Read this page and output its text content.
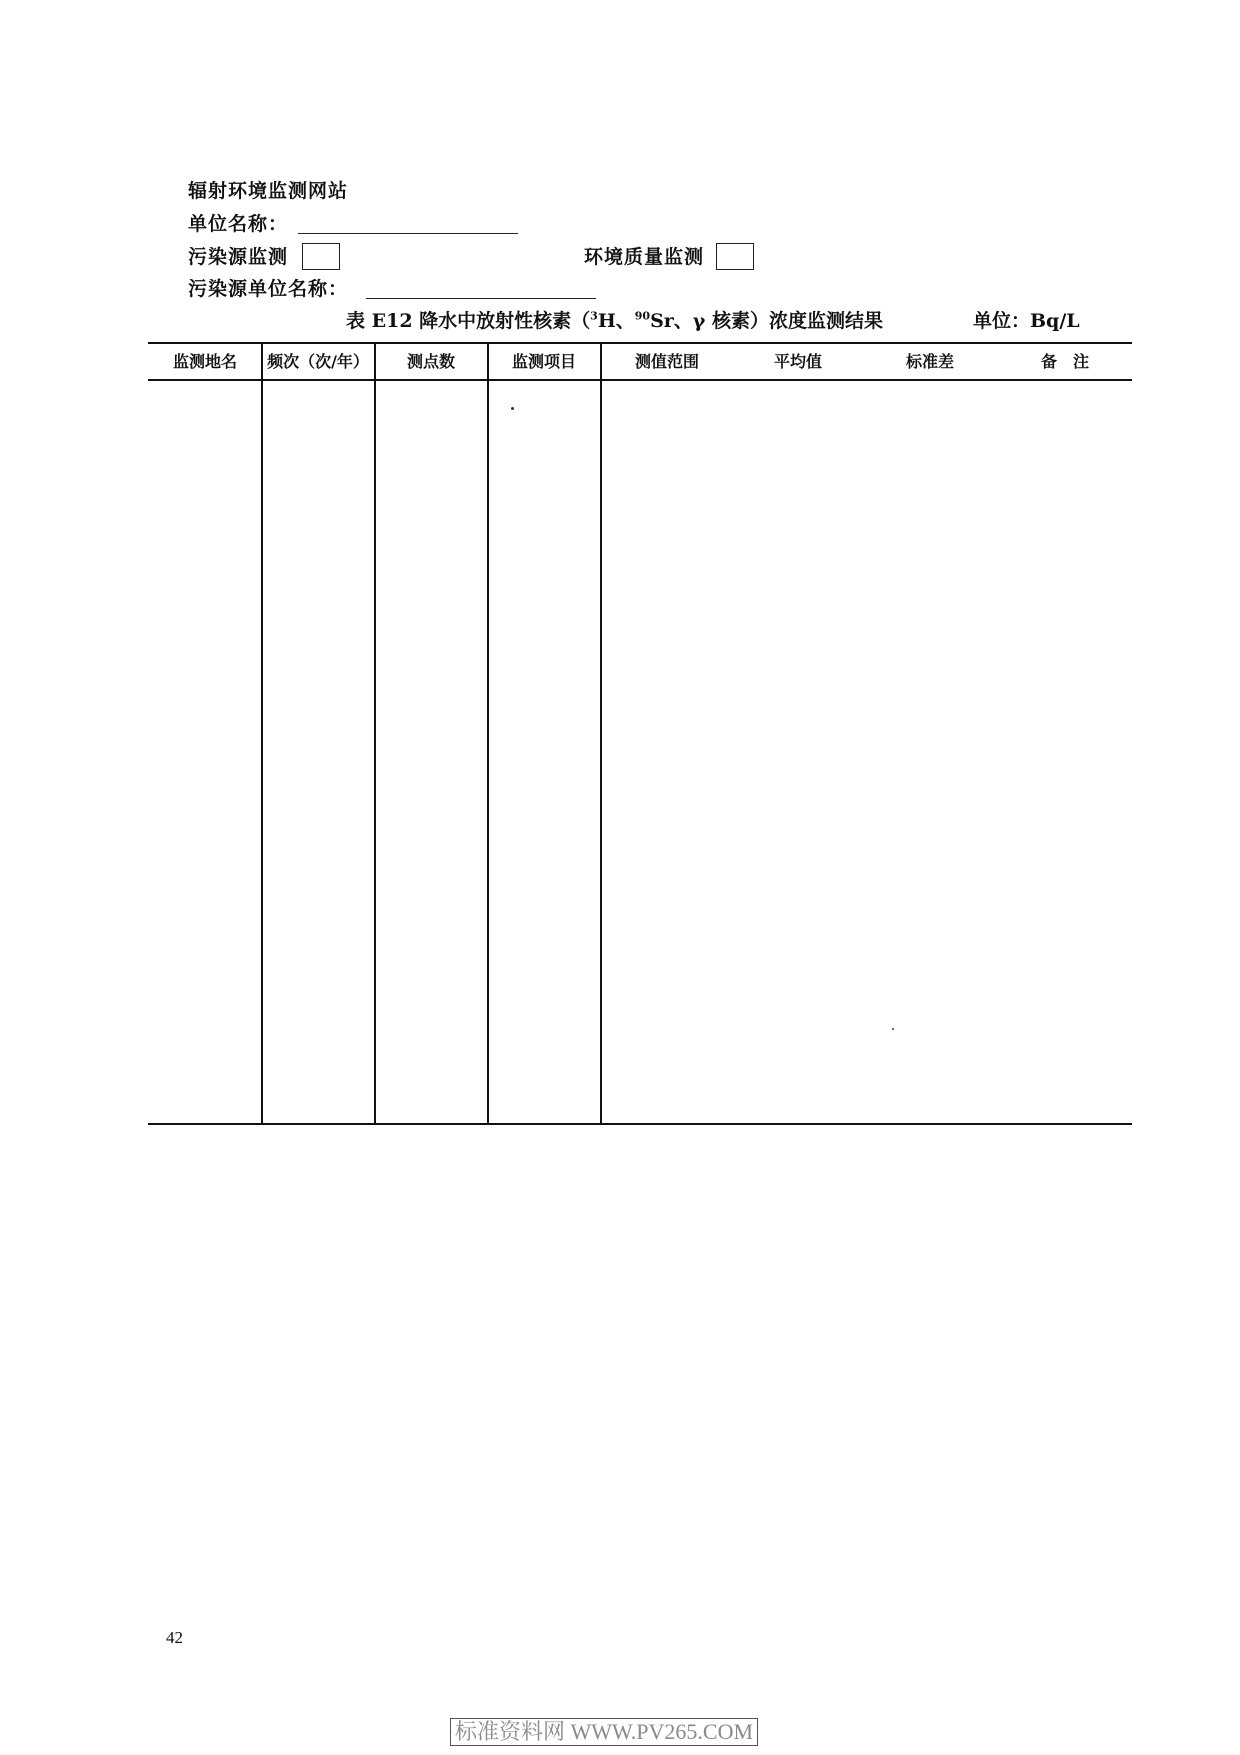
辐射环境监测网站
单位名称：
污染源监测	环境质量监测
污染源单位名称：
表 E12 降水中放射性核素（$^3$H、$^{90}$Sr、γ 核素）浓度监测结果	单位：Bq/L
监测地名	频次（次/年）	测点数	监测项目	测值范围	平均值	标准差	备　注
42
标准资料网 WWW.PV265.COM
